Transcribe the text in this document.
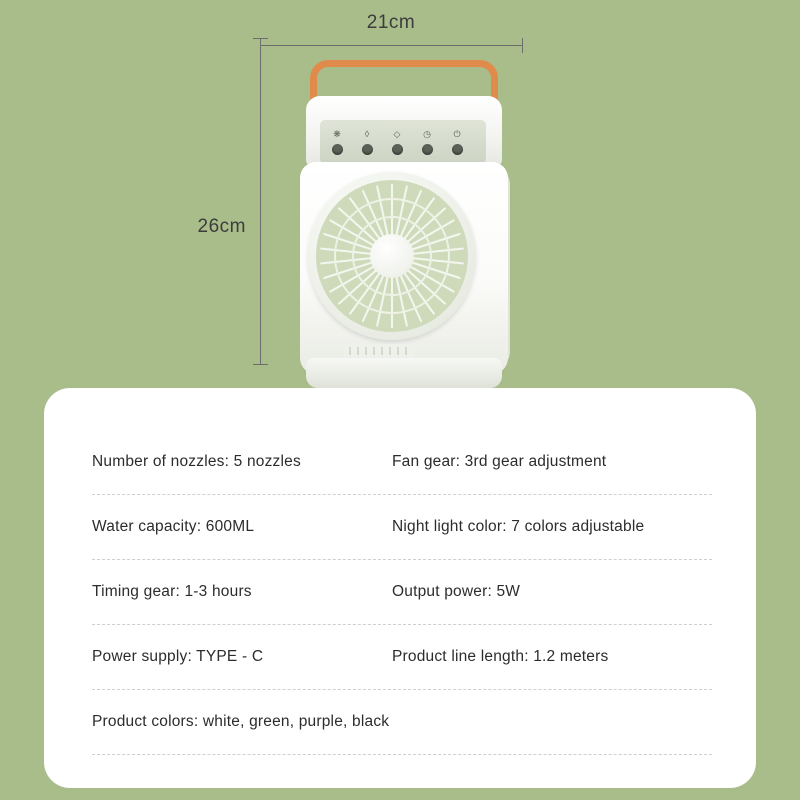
21cm
26cm
❋	◊	◇	◷	⏻
Number of nozzles: 5 nozzles	Fan gear: 3rd gear adjustment
Water capacity: 600ML	Night light color: 7 colors adjustable
Timing gear: 1-3 hours	Output power: 5W
Power supply: TYPE - C	Product line length: 1.2 meters
Product colors: white, green, purple, black
